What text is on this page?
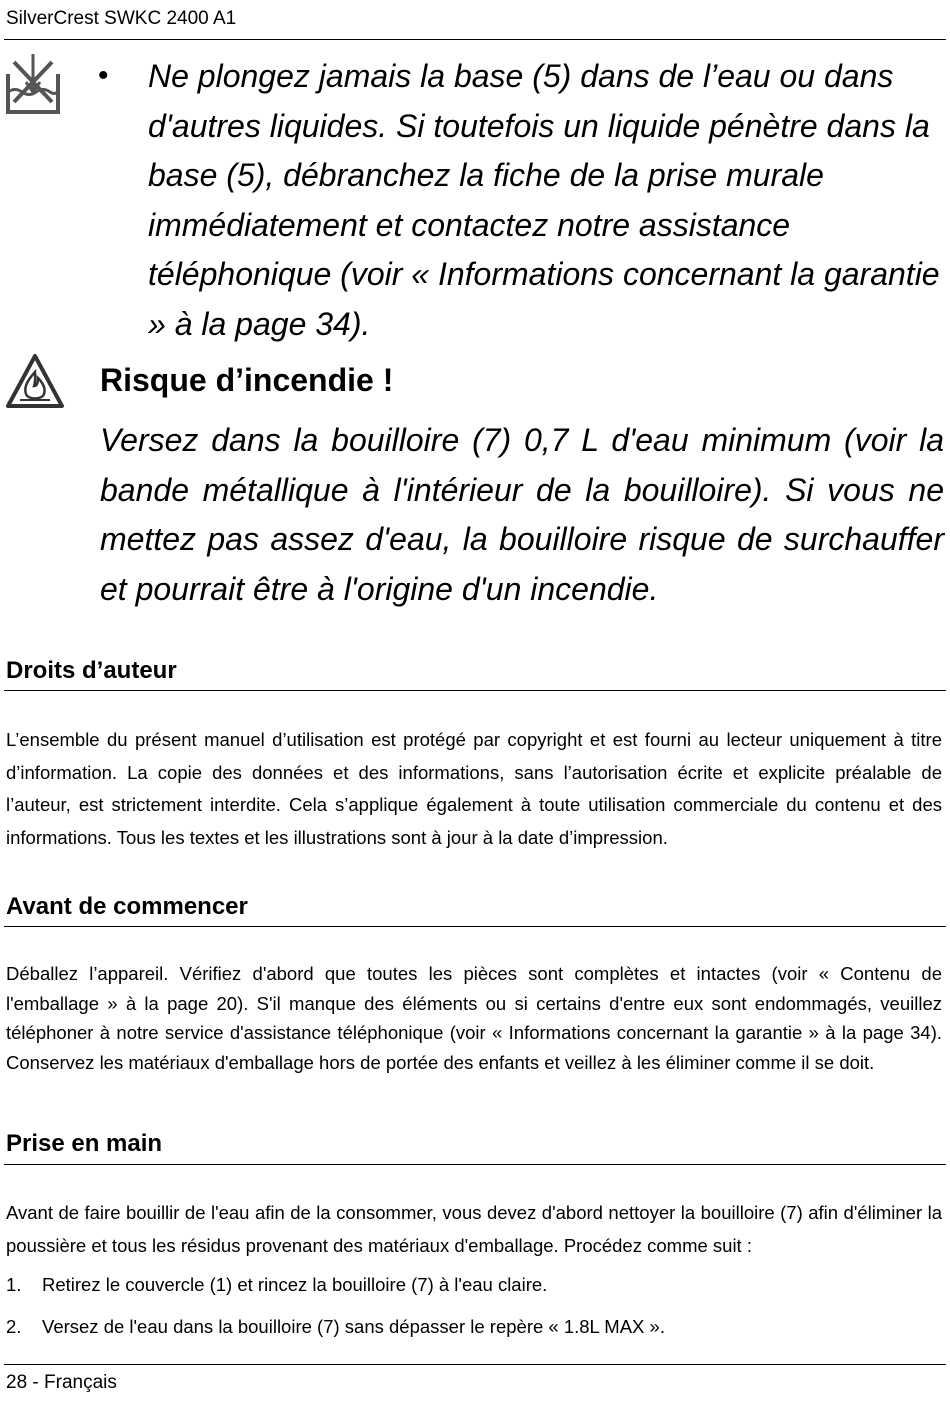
SilverCrest SWKC 2400 A1
• Ne plongez jamais la base (5) dans de l’eau ou dans d'autres liquides. Si toutefois un liquide pénètre dans la base (5), débranchez la fiche de la prise murale immédiatement et contactez notre assistance téléphonique (voir « Informations concernant la garantie » à la page 34).
Risque d’incendie !
Versez dans la bouilloire (7) 0,7 L d'eau minimum (voir la bande métallique à l'intérieur de la bouilloire). Si vous ne mettez pas assez d'eau, la bouilloire risque de surchauffer et pourrait être à l'origine d'un incendie.
Droits d’auteur
L’ensemble du présent manuel d’utilisation est protégé par copyright et est fourni au lecteur uniquement à titre d’information. La copie des données et des informations, sans l’autorisation écrite et explicite préalable de l’auteur, est strictement interdite. Cela s’applique également à toute utilisation commerciale du contenu et des informations. Tous les textes et les illustrations sont à jour à la date d’impression.
Avant de commencer
Déballez l’appareil. Vérifiez d'abord que toutes les pièces sont complètes et intactes (voir « Contenu de l'emballage » à la page 20). S'il manque des éléments ou si certains d'entre eux sont endommagés, veuillez téléphoner à notre service d'assistance téléphonique (voir « Informations concernant la garantie » à la page 34). Conservez les matériaux d'emballage hors de portée des enfants et veillez à les éliminer comme il se doit.
Prise en main
Avant de faire bouillir de l'eau afin de la consommer, vous devez d'abord nettoyer la bouilloire (7) afin d'éliminer la poussière et tous les résidus provenant des matériaux d'emballage. Procédez comme suit :
1. Retirez le couvercle (1) et rincez la bouilloire (7) à l'eau claire.
2. Versez de l'eau dans la bouilloire (7) sans dépasser le repère « 1.8L MAX ».
28 - Français
